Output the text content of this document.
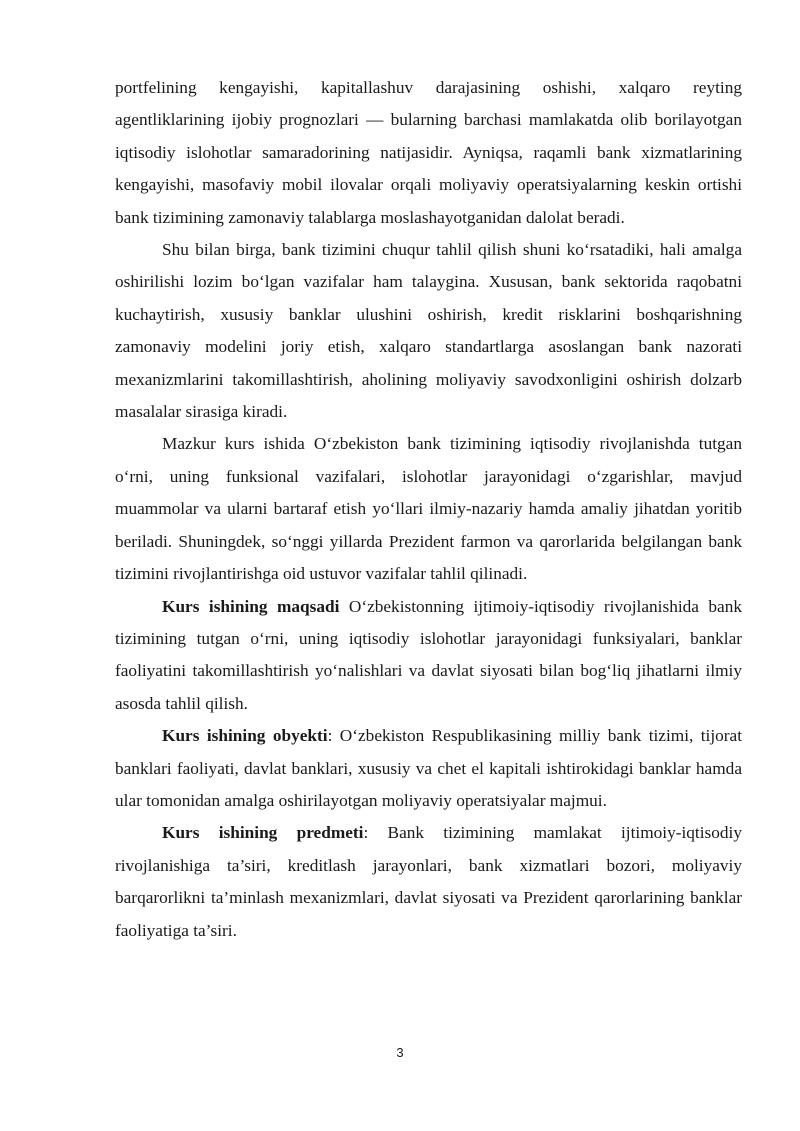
portfelining kengayishi, kapitallashuv darajasining oshishi, xalqaro reyting agentliklarining ijobiy prognozlari — bularning barchasi mamlakatda olib borilayotgan iqtisodiy islohotlar samaradorining natijasidir. Ayniqsa, raqamli bank xizmatlarining kengayishi, masofaviy mobil ilovalar orqali moliyaviy operatsiyalarning keskin ortishi bank tizimining zamonaviy talablarga moslashayotganidan dalolat beradi.

Shu bilan birga, bank tizimini chuqur tahlil qilish shuni ko‘rsatadiki, hali amalga oshirilishi lozim bo‘lgan vazifalar ham talaygina. Xususan, bank sektorida raqobatni kuchaytirish, xususiy banklar ulushini oshirish, kredit risklarini boshqarishning zamonaviy modelini joriy etish, xalqaro standartlarga asoslangan bank nazorati mexanizmlarini takomillashtirish, aholining moliyaviy savodxonligini oshirish dolzarb masalalar sirasiga kiradi.

Mazkur kurs ishida O‘zbekiston bank tizimining iqtisodiy rivojlanishda tutgan o‘rni, uning funksional vazifalari, islohotlar jarayonidagi o‘zgarishlar, mavjud muammolar va ularni bartaraf etish yo‘llari ilmiy-nazariy hamda amaliy jihatdan yoritib beriladi. Shuningdek, so‘nggi yillarda Prezident farmon va qarorlarida belgilangan bank tizimini rivojlantirishga oid ustuvor vazifalar tahlil qilinadi.

Kurs ishining maqsadi O‘zbekistonning ijtimoiy-iqtisodiy rivojlanishida bank tizimining tutgan o‘rni, uning iqtisodiy islohotlar jarayonidagi funksiyalari, banklar faoliyatini takomillashtirish yo‘nalishlari va davlat siyosati bilan bog‘liq jihatlarni ilmiy asosda tahlil qilish.

Kurs ishining obyekti: O‘zbekiston Respublikasining milliy bank tizimi, tijorat banklari faoliyati, davlat banklari, xususiy va chet el kapitali ishtirokidagi banklar hamda ular tomonidan amalga oshirilayotgan moliyaviy operatsiyalar majmui.

Kurs ishining predmeti: Bank tizimining mamlakat ijtimoiy-iqtisodiy rivojlanishiga ta’siri, kreditlash jarayonlari, bank xizmatlari bozori, moliyaviy barqarorlikni ta’minlash mexanizmlari, davlat siyosati va Prezident qarorlarining banklar faoliyatiga ta’siri.

3
